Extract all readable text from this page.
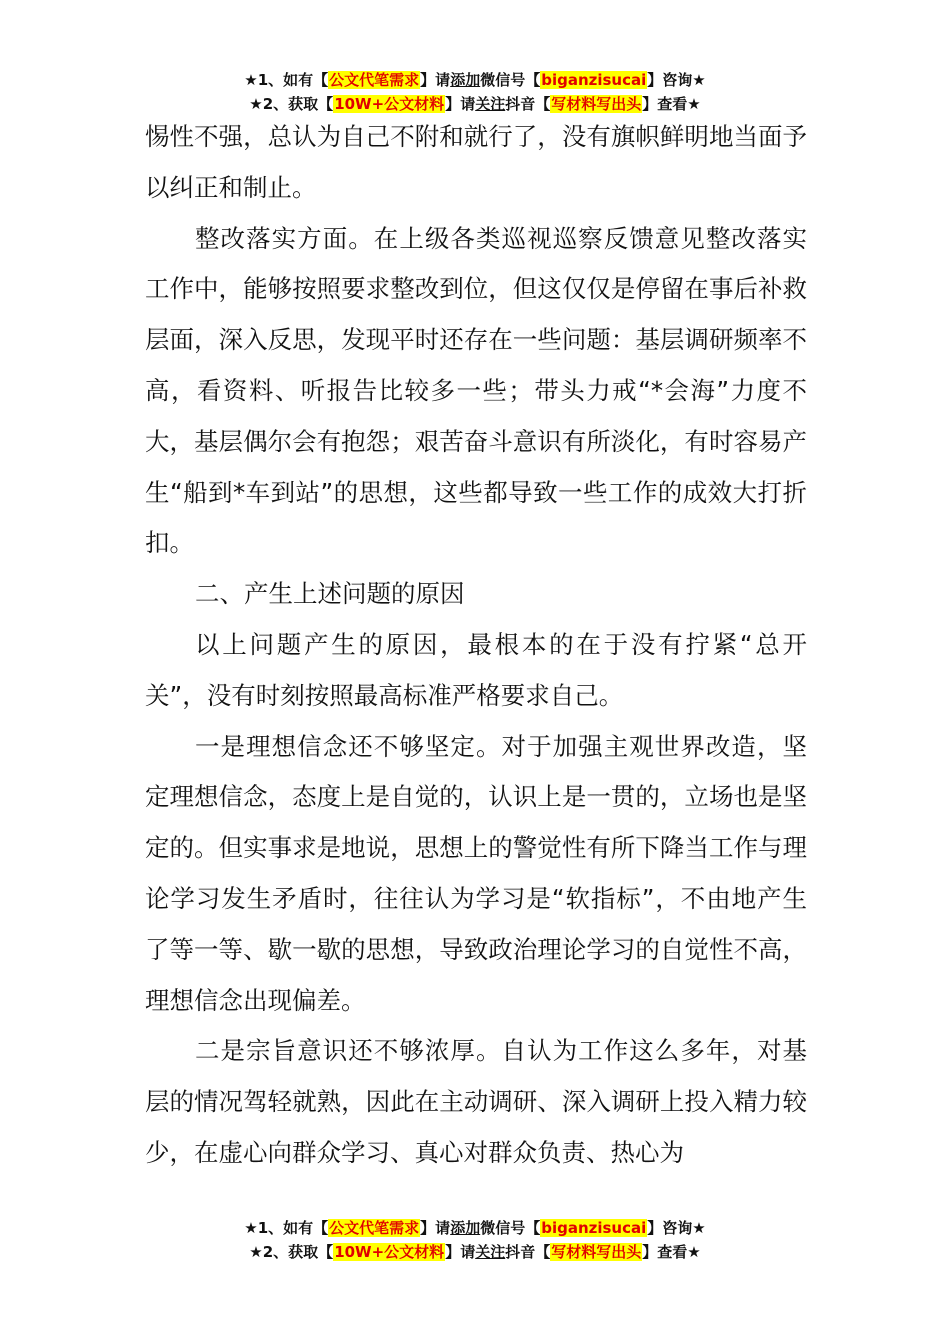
★1、如有【公文代笔需求】请添加微信号【biganzisucai】咨询★
★2、获取【10W+公文材料】请关注抖音【写材料写出头】查看★

惕性不强，总认为自己不附和就行了，没有旗帜鲜明地当面予以纠正和制止。

整改落实方面。在上级各类巡视巡察反馈意见整改落实工作中，能够按照要求整改到位，但这仅仅是停留在事后补救层面，深入反思，发现平时还存在一些问题：基层调研频率不高，看资料、听报告比较多一些；带头力戒“*会海”力度不大，基层偶尔会有抱怨；艰苦奋斗意识有所淡化，有时容易产生“船到*车到站”的思想，这些都导致一些工作的成效大打折扣。

二、产生上述问题的原因

以上问题产生的原因，最根本的在于没有拧紧“总开关”，没有时刻按照最高标准严格要求自己。

一是理想信念还不够坚定。对于加强主观世界改造，坚定理想信念，态度上是自觉的，认识上是一贯的，立场也是坚定的。但实事求是地说，思想上的警觉性有所下降当工作与理论学习发生矛盾时，往往认为学习是“软指标”，不由地产生了等一等、歇一歇的思想，导致政治理论学习的自觉性不高，理想信念出现偏差。

二是宗旨意识还不够浓厚。自认为工作这么多年，对基层的情况驾轻就熟，因此在主动调研、深入调研上投入精力较少，在虚心向群众学习、真心对群众负责、热心为

★1、如有【公文代笔需求】请添加微信号【biganzisucai】咨询★
★2、获取【10W+公文材料】请关注抖音【写材料写出头】查看★
